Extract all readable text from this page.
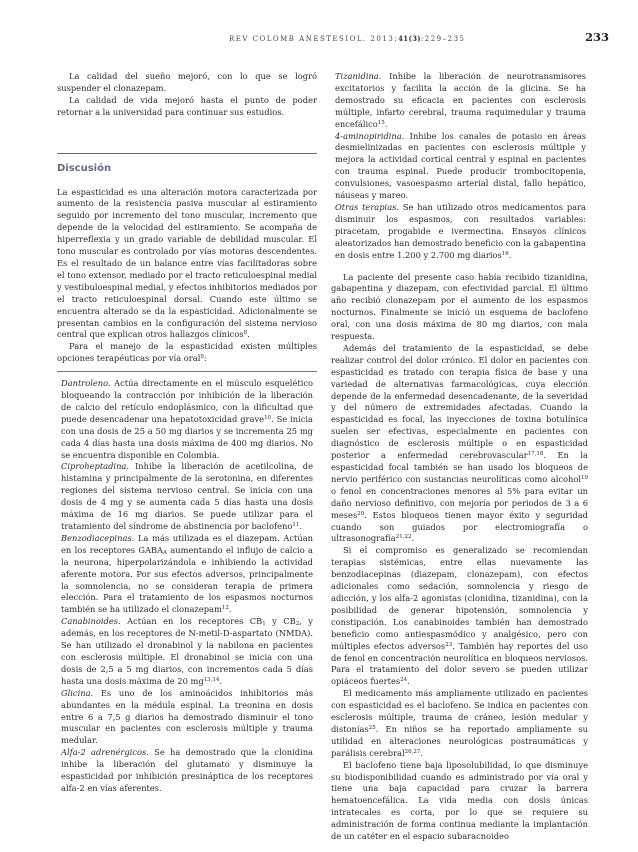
REV COLOMB ANESTESIOL. 2013;41(3):229–235	233

La calidad del sueño mejoró, con lo que se logró suspender el clonazepam.

La calidad de vida mejoró hasta el punto de poder retornar a la universidad para continuar sus estudios.

Discusión

La espasticidad es una alteración motora caracterizada por aumento de la resistencia pasiva muscular al estiramiento seguido por incremento del tono muscular, incremento que depende de la velocidad del estiramiento. Se acompaña de hiperreflexia y un grado variable de debilidad muscular. El tono muscular es controlado por vías motoras descendentes. Es el resultado de un balance entre vías facilitadoras sobre el tono extensor, mediado por el tracto reticuloespinal medial y vestibuloespinal medial, y efectos inhibitorios mediados por el tracto reticuloespinal dorsal. Cuando este último se encuentra alterado se da la espasticidad. Adicionalmente se presentan cambios en la configuración del sistema nervioso central que explican otros hallazgos clínicos$^8$.

Para el manejo de la espasticidad existen múltiples opciones terapéuticas por vía oral$^9$:

Dantroleno. Actúa directamente en el músculo esquelético bloqueando la contracción por inhibición de la liberación de calcio del retículo endoplásmico, con la dificultad que puede desencadenar una hepatotoxicidad grave$^{10}$. Se inicia con una dosis de 25 a 50 mg diarios y se incrementa 25 mg cada 4 días hasta una dosis máxima de 400 mg diarios. No se encuentra disponible en Colombia.

Ciproheptadina. Inhibe la liberación de acetilcolina, de histamina y principalmente de la serotonina, en diferentes regiones del sistema nervioso central. Se inicia con una dosis de 4 mg y se aumenta cada 5 días hasta una dosis máxima de 16 mg diarios. Se puede utilizar para el tratamiento del síndrome de abstinencia por baclofeno$^{11}$.

Benzodiacepinas. La más utilizada es el diazepam. Actúan en los receptores $GABA_A$ aumentando el influjo de calcio a la neurona, hiperpolarizándola e inhibiendo la actividad aferente motora. Por sus efectos adversos, principalmente la somnolencia, no se consideran terapia de primera elección. Para el tratamiento de los espasmos nocturnos también se ha utilizado el clonazepam$^{12}$.

Canabinoides. Actúan en los receptores $CB_1$ y $CB_2$, y además, en los receptores de N-metil-D-aspartato (NMDA). Se han utilizado el dronabinol y la nabilona en pacientes con esclerosis múltiple. El dronabinol se inicia con una dosis de 2,5 a 5 mg diarios, con incrementos cada 5 días hasta una dosis máxima de 20 mg$^{13,14}$.

Glicina. Es uno de los aminoácidos inhibitorios más abundantes en la médula espinal. La treonina en dosis entre 6 a 7,5 g diarios ha demostrado disminuir el tono muscular en pacientes con esclerosis múltiple y trauma medular.

Alfa-2 adrenérgicos. Se ha demostrado que la clonidina inhibe la liberación del glutamato y disminuye la espasticidad por inhibición presináptica de los receptores alfa-2 en vías aferentes.

Tizanidina. Inhibe la liberación de neurotransmisores excitatorios y facilita la acción de la glicina. Se ha demostrado su eficacia en pacientes con esclerosis múltiple, infarto cerebral, trauma raquimedular y trauma encefálico$^{15}$.

4-aminopiridina. Inhibe los canales de potasio en áreas desmielinizadas en pacientes con esclerosis múltiple y mejora la actividad cortical central y espinal en pacientes con trauma espinal. Puede producir trombocitopenia, convulsiones, vasoespasmo arterial distal, fallo hepático, náuseas y mareo.

Otras terapias. Se han utilizado otros medicamentos para disminuir los espasmos, con resultados variables: piracetam, progabide e ivermectina. Ensayos clínicos aleatorizados han demostrado beneficio con la gabapentina en dosis entre 1.200 y 2.700 mg diarios$^{16}$.

La paciente del presente caso había recibido tizanidina, gabapentina y diazepam, con efectividad parcial. El último año recibió clonazepam por el aumento de los espasmos nocturnos. Finalmente se inició un esquema de baclofeno oral, con una dosis máxima de 80 mg diarios, con mala respuesta.

Además del tratamiento de la espasticidad, se debe realizar control del dolor crónico. El dolor en pacientes con espasticidad es tratado con terapia física de base y una variedad de alternativas farmacológicas, cuya elección depende de la enfermedad desencadenante, de la severidad y del número de extremidades afectadas. Cuando la espasticidad es focal, las inyecciones de toxina botulínica suelen ser efectivas, especialmente en pacientes con diagnóstico de esclerosis múltiple o en espasticidad posterior a enfermedad cerebrovascular$^{17,18}$. En la espasticidad focal también se han usado los bloqueos de nervio periférico con sustancias neurolíticas como alcohol$^{19}$ o fenol en concentraciones menores al 5% para evitar un daño nervioso definitivo, con mejoría por periodos de 3 a 6 meses$^{20}$. Estos bloqueos tienen mayor éxito y seguridad cuando son guiados por electromiografía o ultrasonografía$^{21,22}$.

Si el compromiso es generalizado se recomiendan terapias sistémicas, entre ellas nuevamente las benzodiacepinas (diazepam, clonazepam), con efectos adicionales como sedación, somnolencia y riesgo de adicción, y los alfa-2 agonistas (clonidina, tizanidina), con la posibilidad de generar hipotensión, somnolencia y constipación. Los canabinoides también han demostrado beneficio como antiespasmódico y analgésico, pero con múltiples efectos adversos$^{23}$. También hay reportes del uso de fenol en concentración neurolítica en bloqueos nerviosos. Para el tratamiento del dolor severo se pueden utilizar opiáceos fuertes$^{24}$.

El medicamento más ampliamente utilizado en pacientes con espasticidad es el baclofeno. Se indica en pacientes con esclerosis múltiple, trauma de cráneo, lesión medular y distonías$^{25}$. En niños se ha reportado ampliamente su utilidad en alteraciones neurológicas postraumáticas y parálisis cerebral$^{26,27}$.

El baclofeno tiene baja liposolubilidad, lo que disminuye su biodisponibilidad cuando es administrado por vía oral y tiene una baja capacidad para cruzar la barrera hematoencefálica. La vida media con dosis únicas intratecales es corta, por lo que se requiere su administración de forma continua mediante la implantación de un catéter en el espacio subaracnoideo
